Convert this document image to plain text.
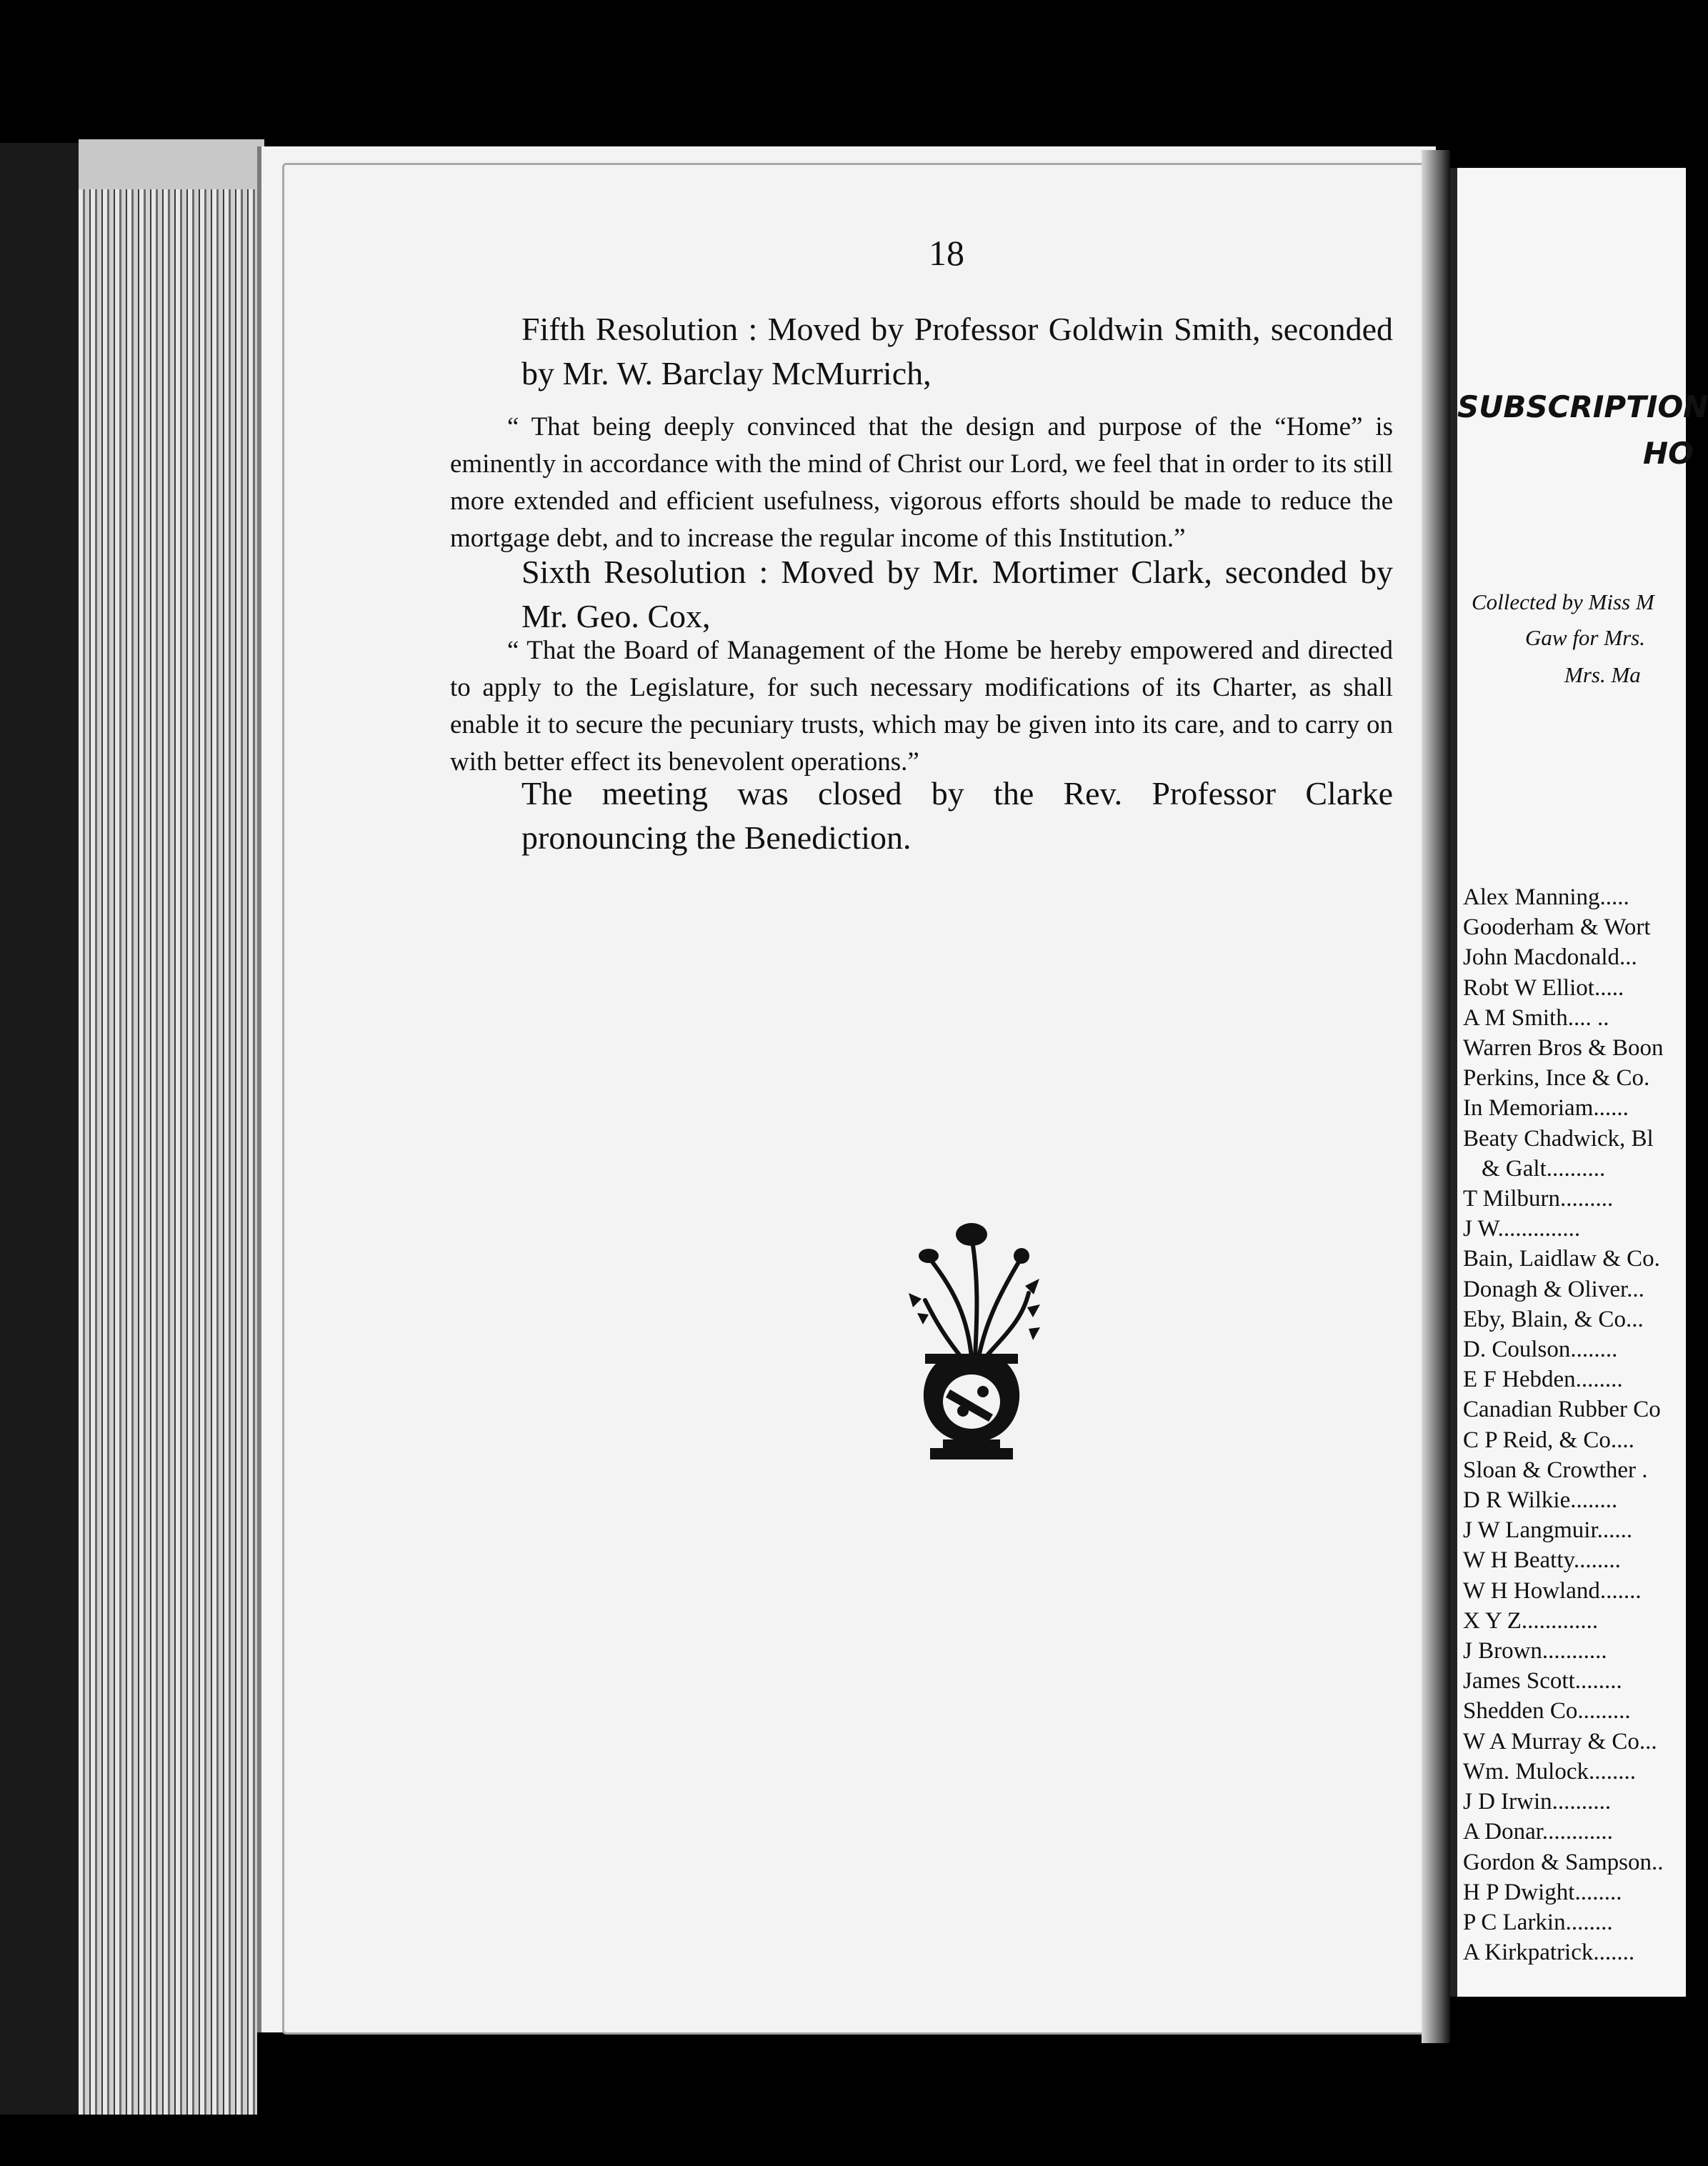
18
Fifth Resolution : Moved by Professor Goldwin Smith, seconded by Mr. W. Barclay McMurrich,
“ That being deeply convinced that the design and purpose of the “Home” is eminently in accordance with the mind of Christ our Lord, we feel that in order to its still more extended and efficient usefulness, vigorous efforts should be made to reduce the mortgage debt, and to increase the regular income of this Institution.”
Sixth Resolution : Moved by Mr. Mortimer Clark, seconded by Mr. Geo. Cox,
“ That the Board of Management of the Home be hereby empowered and directed to apply to the Legislature, for such necessary modifications of its Charter, as shall enable it to secure the pecuniary trusts, which may be given into its care, and to carry on with better effect its benevolent operations.”
The meeting was closed by the Rev. Professor Clarke pronouncing the Benediction.
SUBSCRIPTION
HO
Collected by Miss M
Gaw for Mrs.
Mrs. Ma
Alex Manning.....
Gooderham & Wort
John Macdonald...
Robt W Elliot.....
A M Smith.... ..
Warren Bros & Boon
Perkins, Ince & Co.
In Memoriam......
Beaty Chadwick, Bl
& Galt..........
T Milburn.........
J W..............
Bain, Laidlaw & Co.
Donagh & Oliver...
Eby, Blain, & Co...
D. Coulson........
E F Hebden........
Canadian Rubber Co
C P Reid, & Co....
Sloan & Crowther .
D R Wilkie........
J W Langmuir......
W H Beatty........
W H Howland.......
X Y Z.............
J Brown...........
James Scott........
Shedden Co.........
W A Murray & Co...
Wm. Mulock........
J D Irwin..........
A Donar............
Gordon & Sampson..
H P Dwight........
P C Larkin........
A Kirkpatrick.......
